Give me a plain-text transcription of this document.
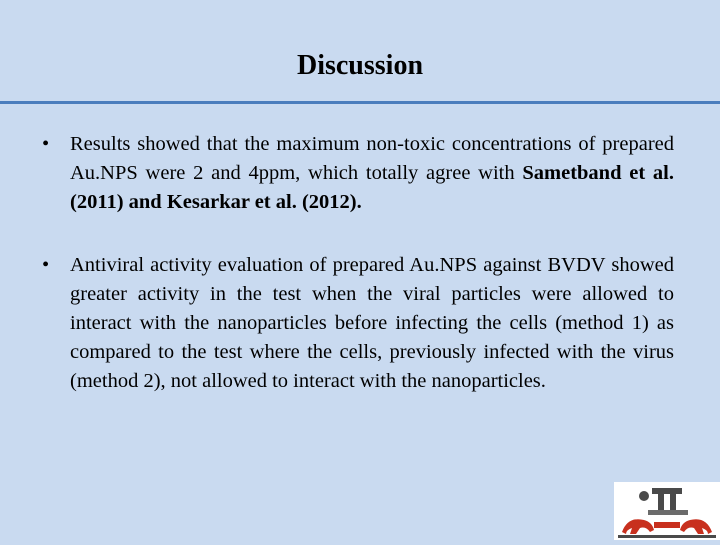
Discussion
• Results showed that the maximum non-toxic concentrations of prepared Au.NPS were 2 and 4ppm, which totally agree with Sametband et al. (2011) and Kesarkar et al. (2012).
• Antiviral activity evaluation of prepared Au.NPS against BVDV showed greater activity in the test when the viral particles were allowed to interact with the nanoparticles before infecting the cells (method 1) as compared to the test where the cells, previously infected with the virus (method 2), not allowed to interact with the nanoparticles.
